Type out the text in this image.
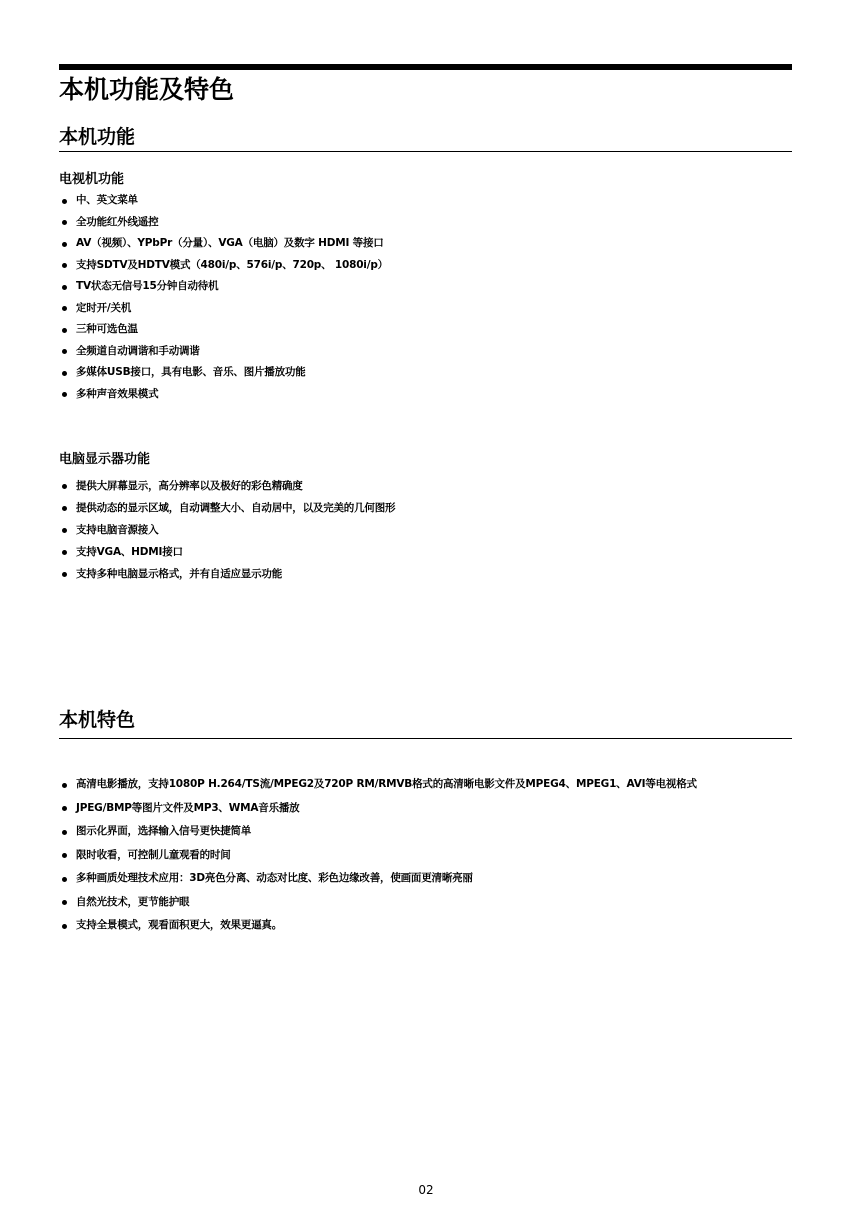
本机功能及特色
本机功能
电视机功能
中、英文菜单
全功能红外线遥控
AV（视频）、YPbPr（分量）、VGA（电脑）及数字 HDMI 等接口
支持SDTV及HDTV模式（480i/p、576i/p、720p、 1080i/p）
TV状态无信号15分钟自动待机
定时开/关机
三种可选色温
全频道自动调谐和手动调谐
多媒体USB接口，具有电影、音乐、图片播放功能
多种声音效果模式
电脑显示器功能
提供大屏幕显示，高分辨率以及极好的彩色精确度
提供动态的显示区域，自动调整大小、自动居中，以及完美的几何图形
支持电脑音源接入
支持VGA、HDMI接口
支持多种电脑显示格式，并有自适应显示功能
本机特色
高清电影播放，支持1080P H.264/TS流/MPEG2及720P RM/RMVB格式的高清晰电影文件及MPEG4、MPEG1、AVI等电视格式
JPEG/BMP等图片文件及MP3、WMA音乐播放
图示化界面，选择输入信号更快捷简单
限时收看，可控制儿童观看的时间
多种画质处理技术应用：3D亮色分离、动态对比度、彩色边缘改善，使画面更清晰亮丽
自然光技术，更节能护眼
支持全景模式，观看面积更大，效果更逼真。
02
